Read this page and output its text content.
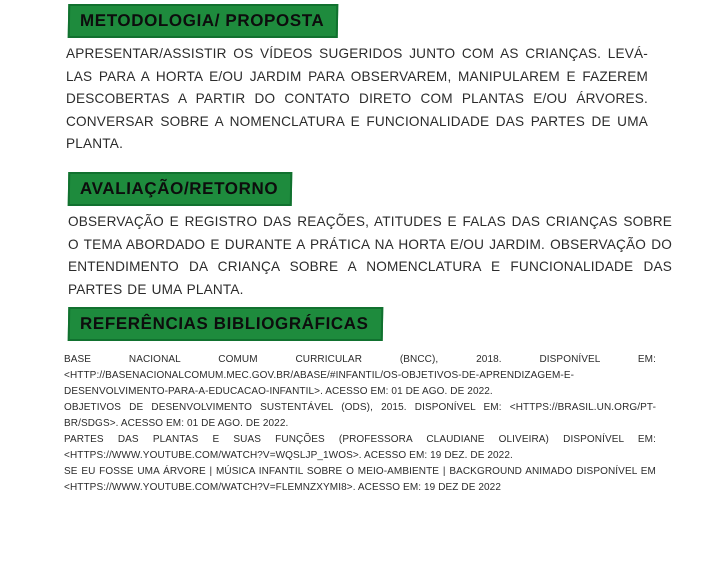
METODOLOGIA/ PROPOSTA
APRESENTAR/ASSISTIR OS VÍDEOS SUGERIDOS JUNTO COM AS CRIANÇAS. LEVÁ-LAS PARA A HORTA E/OU JARDIM PARA OBSERVAREM, MANIPULAREM E FAZEREM DESCOBERTAS A PARTIR DO CONTATO DIRETO COM PLANTAS E/OU ÁRVORES. CONVERSAR SOBRE A NOMENCLATURA E FUNCIONALIDADE DAS PARTES DE UMA PLANTA.
AVALIAÇÃO/RETORNO
OBSERVAÇÃO E REGISTRO DAS REAÇÕES, ATITUDES E FALAS DAS CRIANÇAS SOBRE O TEMA ABORDADO E DURANTE A PRÁTICA NA HORTA E/OU JARDIM. OBSERVAÇÃO DO ENTENDIMENTO DA CRIANÇA SOBRE A NOMENCLATURA E FUNCIONALIDADE DAS PARTES DE UMA PLANTA.
REFERÊNCIAS BIBLIOGRÁFICAS

BASE NACIONAL COMUM CURRICULAR (BNCC), 2018. DISPONÍVEL EM: <HTTP://BASENACIONALCOMUM.MEC.GOV.BR/ABASE/#INFANTIL/OS-OBJETIVOS-DE-APRENDIZAGEM-E-DESENVOLVIMENTO-PARA-A-EDUCACAO-INFANTIL>. ACESSO EM: 01 DE AGO. DE 2022.

OBJETIVOS DE DESENVOLVIMENTO SUSTENTÁVEL (ODS), 2015. DISPONÍVEL EM: <HTTPS://BRASIL.UN.ORG/PT-BR/SDGS>. ACESSO EM: 01 DE AGO. DE 2022.

PARTES DAS PLANTAS E SUAS FUNÇÕES (PROFESSORA CLAUDIANE OLIVEIRA) DISPONÍVEL EM: <HTTPS://WWW.YOUTUBE.COM/WATCH?V=WQSLJP_1WOS>. ACESSO EM: 19 DEZ. DE 2022.

SE EU FOSSE UMA ÁRVORE | MÚSICA INFANTIL SOBRE O MEIO-AMBIENTE | BACKGROUND ANIMADO DISPONÍVEL EM <HTTPS://WWW.YOUTUBE.COM/WATCH?V=FLEMNZXYMI8>. ACESSO EM: 19 DEZ DE 2022
